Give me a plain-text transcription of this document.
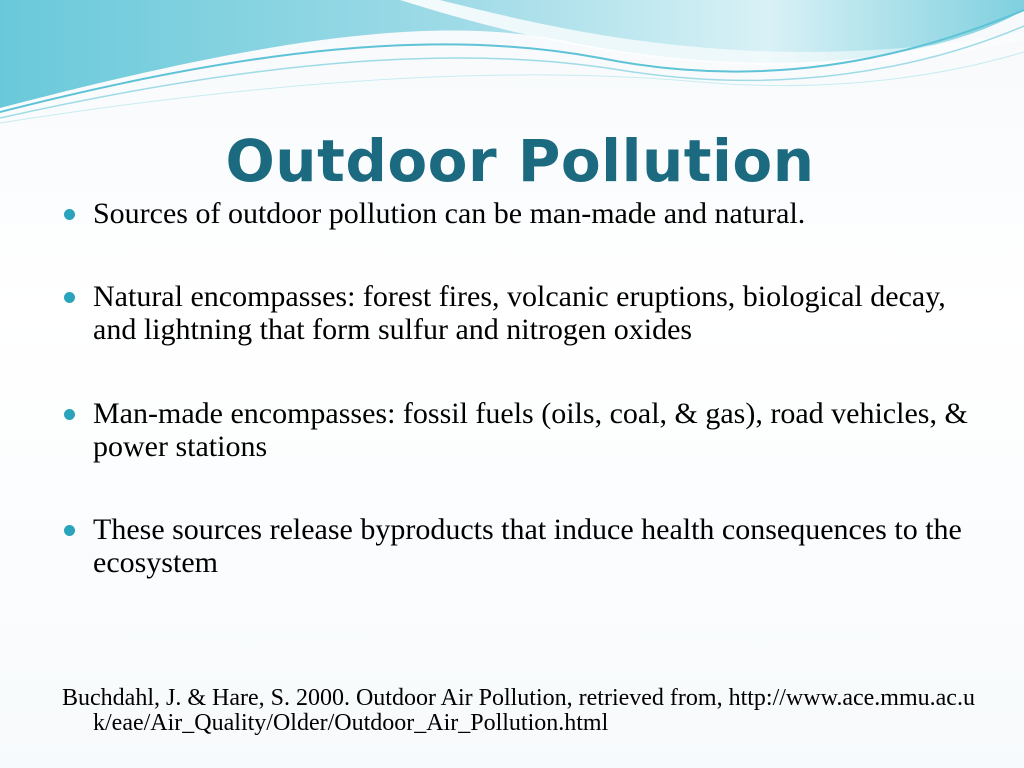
Outdoor Pollution
Sources of outdoor pollution can be man-made and natural.
Natural encompasses: forest fires, volcanic eruptions, biological decay, and lightning that form sulfur and nitrogen oxides
Man-made encompasses: fossil fuels (oils, coal, & gas), road vehicles, & power stations
These sources release byproducts that induce health consequences to the ecosystem
Buchdahl, J. & Hare, S. 2000. Outdoor Air Pollution, retrieved from, http://www.ace.mmu.ac.uk/eae/Air_Quality/Older/Outdoor_Air_Pollution.html
